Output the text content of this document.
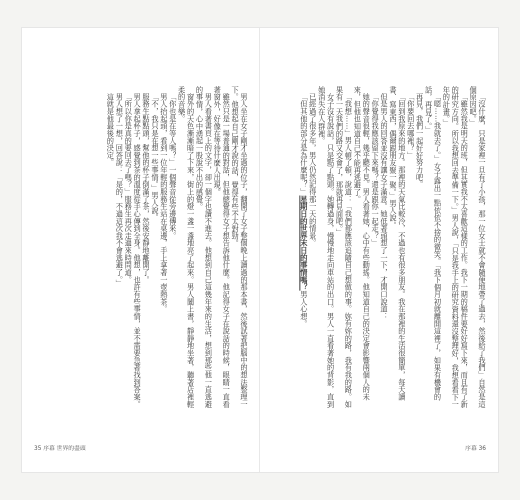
「沒什麼，只是家裡一旦有了小孩，那一位女士就不會隨便地帶了過去，然後給了我們」自然是這個原因吧。」

「雖然我是明天的班，但其實我不太喜歡這樣的工作。我下一期的稿件要好好寫下來，而且有了新的研究方向。所以我想回去準備一下。」男人說，「只是我手上的研究資料還沒整理好，我想看看下一年的計畫。」

「嗯……我就去了。」女子露出一點依依不捨的微笑。「我下個月初就離開這裡了，如果有機會的話，再見了。」

再見，我們一起好好努力吧。

「你要回去哪裡？」

「回到我原來的地方。那裡的天氣比較冷，不過也有很多朋友。我在那裡的生活很簡單，每天讀書、寫東西，偶爾跟朋友聚一聚。」男人說。

但是男人的回答並沒有讓女子滿意。她低著頭想了一下，才開口說道：

「你覺得我應該留下來嗎？還是跟你一起走？」

她的聲音很輕，幾乎聽不見。男人看著她，心中有些動搖。他知道自己的決定會影響兩個人的未來，但他也知道自己不能再逃避了。

「我想……」男人頓了頓，說道：「我們都應該追隨自己想做的事。妳有妳的路，我有我的路。如果有一天我們的路又交會了，那就再見面吧。」

女子沒有說話，只是點了點頭。她轉過身，慢慢地走向車站的出口。男人一直看著她的背影，直到她消失在人群裡。

已經過了很多年，男人仍然記得那一天的情景。

「但其他的部分是為什麼呢？」星期日的世界末日的事情嗎？男人心想。

序幕 36

男人坐在女子剛才坐過的位子，翻開了女子整個晚上讀過的那本書，然後試著把腦中的想法整理一下。他想起自己剛才說的話，覺得有些不太對勁。

雖然只是一場普通的對話，但他總覺得女子想告訴他什麼。他記得女子在說話的時候，眼睛一直看著窗外，好像在等待什麼人出現。

男人看著書頁上的文字，卻一個字也讀不進去。他想到自己這幾年來的生活，想到那些他一直逃避的事情，心中湧起一股說不出的感覺。

窗外的天色漸漸暗了下來，街上的燈一盞一盞地亮了起來。男人闔上書，靜靜地坐著，聽著店裡輕柔的音樂。

「你也是在等人嗎？」一個聲音從旁邊傳來。

男人抬起頭，看到一位年輕的服務生站在桌邊，手上拿著一壺熱茶。

「不，我只是在想一些事情。」男人說。

服務生點點頭，幫他的杯子倒滿了茶，然後安靜地離開了。

男人拿起杯子，感覺到茶的溫度從手心傳到全身。他想，也許有些事情，並不需要急著找到答案。

「所以你是真的要回去了嗎？」服務生再次走過來時問道。

男人想了一想，回答說：「是的，不過這次我不會逃避了。」

這就是他最後的決定。

35 序幕 世界的盡頭
